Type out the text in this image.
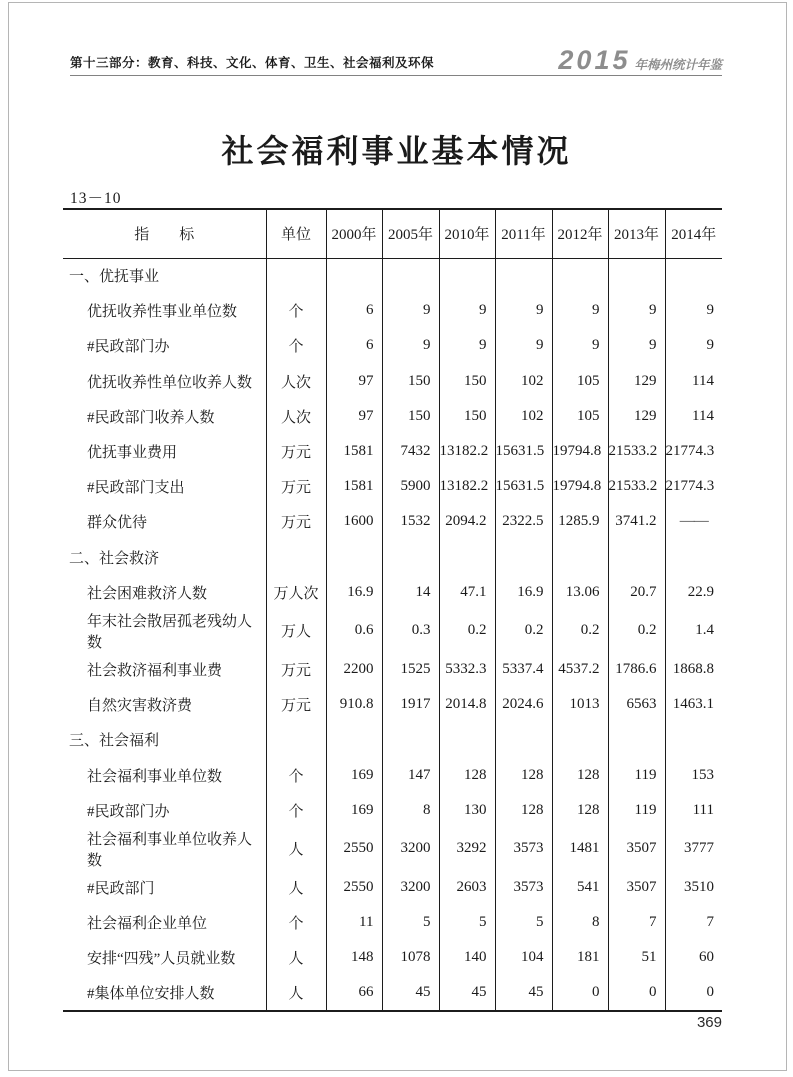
第十三部分：教育、科技、文化、体育、卫生、社会福利及环保	2015 年梅州统计年鉴
社会福利事业基本情况
13－10
指　　标	单位	2000年	2005年	2010年	2011年	2012年	2013年	2014年
一、优抚事业								
优抚收养性事业单位数	个	6	9	9	9	9	9	9
#民政部门办	个	6	9	9	9	9	9	9
优抚收养性单位收养人数	人次	97	150	150	102	105	129	114
#民政部门收养人数	人次	97	150	150	102	105	129	114
优抚事业费用	万元	1581	7432	13182.2	15631.5	19794.8	21533.2	21774.3
#民政部门支出	万元	1581	5900	13182.2	15631.5	19794.8	21533.2	21774.3
群众优待	万元	1600	1532	2094.2	2322.5	1285.9	3741.2	——
二、社会救济								
社会困难救济人数	万人次	16.9	14	47.1	16.9	13.06	20.7	22.9
年末社会散居孤老残幼人数	万人	0.6	0.3	0.2	0.2	0.2	0.2	1.4
社会救济福利事业费	万元	2200	1525	5332.3	5337.4	4537.2	1786.6	1868.8
自然灾害救济费	万元	910.8	1917	2014.8	2024.6	1013	6563	1463.1
三、社会福利								
社会福利事业单位数	个	169	147	128	128	128	119	153
#民政部门办	个	169	8	130	128	128	119	111
社会福利事业单位收养人数	人	2550	3200	3292	3573	1481	3507	3777
#民政部门	人	2550	3200	2603	3573	541	3507	3510
社会福利企业单位	个	11	5	5	5	8	7	7
安排“四残”人员就业数	人	148	1078	140	104	181	51	60
#集体单位安排人数	人	66	45	45	45	0	0	0
369
